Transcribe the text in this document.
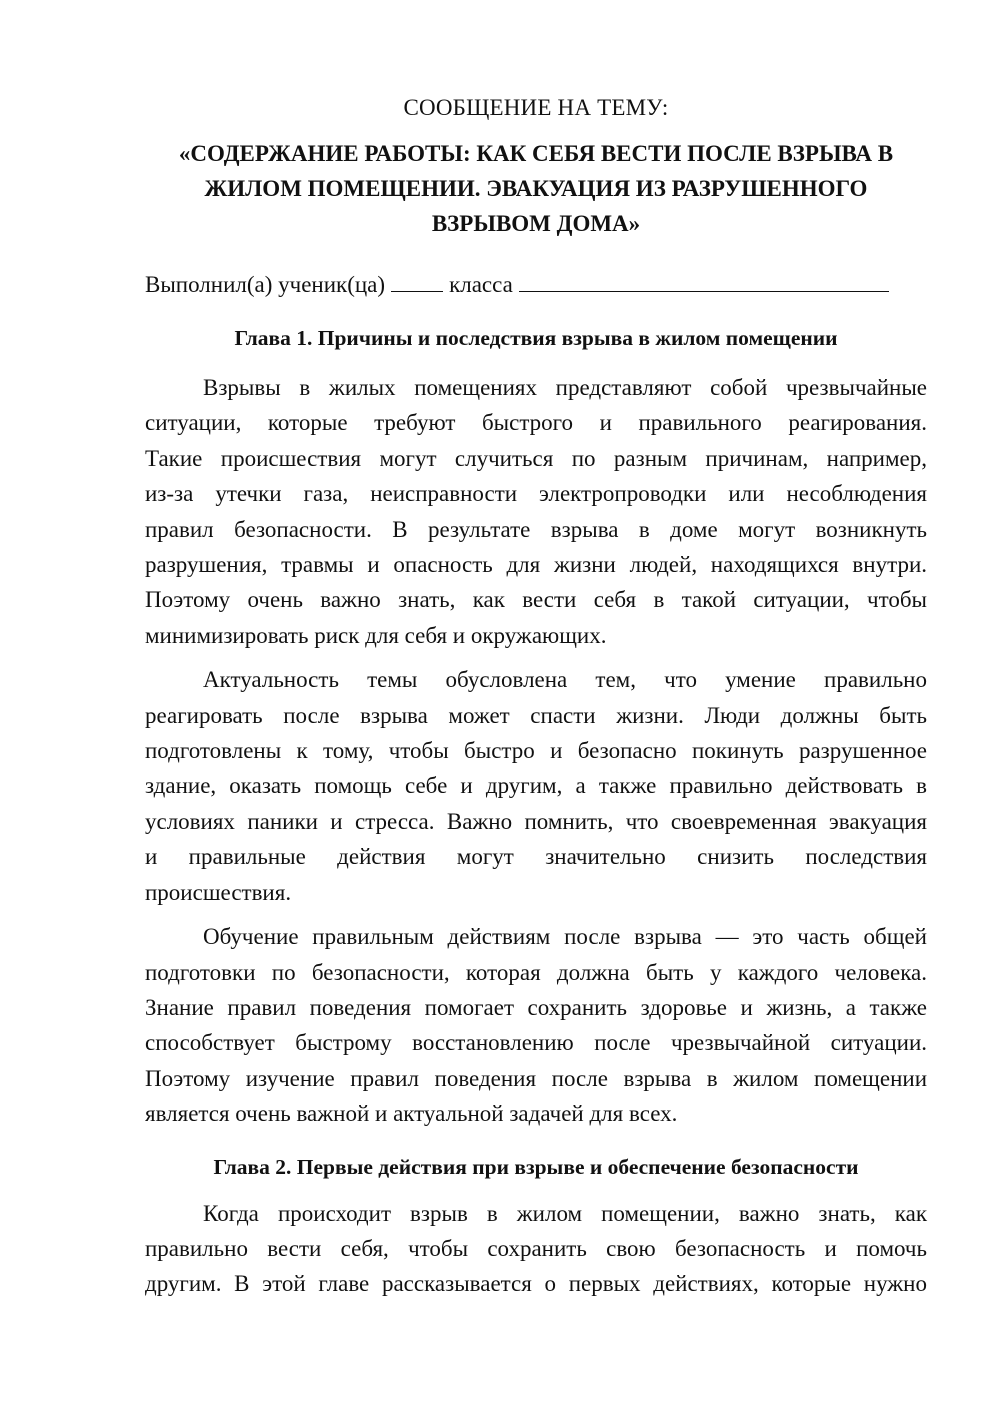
СООБЩЕНИЕ НА ТЕМУ:

«СОДЕРЖАНИЕ РАБОТЫ: КАК СЕБЯ ВЕСТИ ПОСЛЕ ВЗРЫВА В
ЖИЛОМ ПОМЕЩЕНИИ. ЭВАКУАЦИЯ ИЗ РАЗРУШЕННОГО
ВЗРЫВОМ ДОМА»

Выполнил(а) ученик(ца)	класса

Глава 1. Причины и последствия взрыва в жилом помещении

Взрывы в жилых помещениях представляют собой чрезвычайные
ситуации, которые требуют быстрого и правильного реагирования.
Такие происшествия могут случиться по разным причинам, например,
из-за утечки газа, неисправности электропроводки или несоблюдения
правил безопасности. В результате взрыва в доме могут возникнуть
разрушения, травмы и опасность для жизни людей, находящихся внутри.
Поэтому очень важно знать, как вести себя в такой ситуации, чтобы
минимизировать риск для себя и окружающих.

Актуальность темы обусловлена тем, что умение правильно
реагировать после взрыва может спасти жизни. Люди должны быть
подготовлены к тому, чтобы быстро и безопасно покинуть разрушенное
здание, оказать помощь себе и другим, а также правильно действовать в
условиях паники и стресса. Важно помнить, что своевременная эвакуация
и правильные действия могут значительно снизить последствия
происшествия.

Обучение правильным действиям после взрыва — это часть общей
подготовки по безопасности, которая должна быть у каждого человека.
Знание правил поведения помогает сохранить здоровье и жизнь, а также
способствует быстрому восстановлению после чрезвычайной ситуации.
Поэтому изучение правил поведения после взрыва в жилом помещении
является очень важной и актуальной задачей для всех.

Глава 2. Первые действия при взрыве и обеспечение безопасности

Когда происходит взрыв в жилом помещении, важно знать, как
правильно вести себя, чтобы сохранить свою безопасность и помочь
другим. В этой главе рассказывается о первых действиях, которые нужно
